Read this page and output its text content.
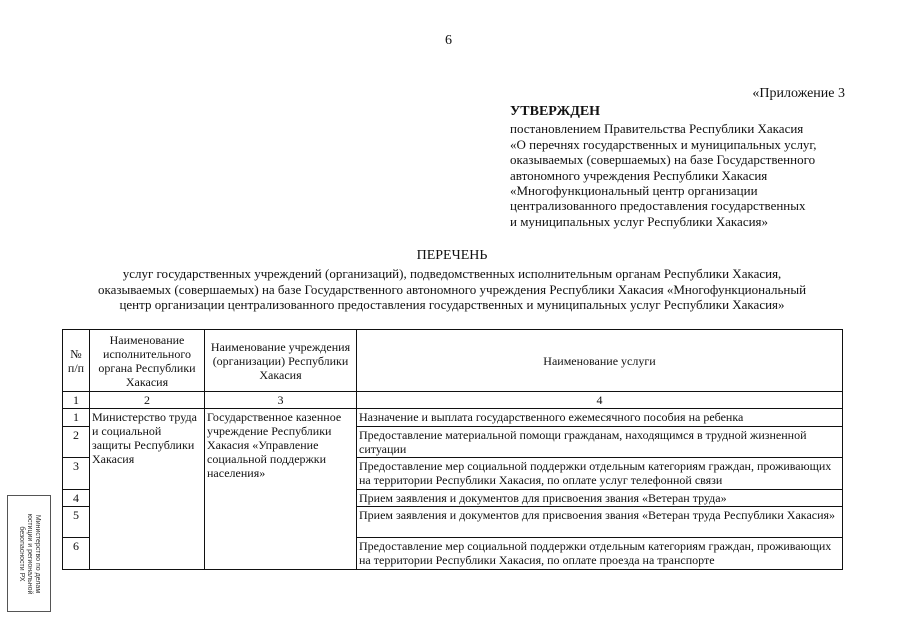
6
«Приложение 3
УТВЕРЖДЕН
постановлением Правительства Республики Хакасия
«О перечнях государственных и муниципальных услуг,
оказываемых (совершаемых) на базе Государственного
автономного учреждения Республики Хакасия
«Многофункциональный центр организации
централизованного предоставления государственных
и муниципальных услуг Республики Хакасия»
ПЕРЕЧЕНЬ
услуг государственных учреждений (организаций), подведомственных исполнительным органам Республики Хакасия,
оказываемых (совершаемых) на базе Государственного автономного учреждения Республики Хакасия «Многофункциональный
центр организации централизованного предоставления государственных и муниципальных услуг Республики Хакасия»
№ п/п	Наименование исполнительного органа Республики Хакасия	Наименование учреждения (организации) Республики Хакасия	Наименование услуги
1	2	3	4
1	Министерство труда и социальной защиты Республики Хакасия	Государственное казенное учреждение Республики Хакасия «Управление социальной поддержки населения»	Назначение и выплата государственного ежемесячного пособия на ребенка
2			Предоставление материальной помощи гражданам, находящимся в трудной жизненной ситуации
3			Предоставление мер социальной поддержки отдельным категориям граждан, проживающих на территории Республики Хакасия, по оплате услуг телефонной связи
4			Прием заявления и документов для присвоения звания «Ветеран труда»
5			Прием заявления и документов для присвоения звания «Ветеран труда Республики Хакасия»
6			Предоставление мер социальной поддержки отдельным категориям граждан, проживающих на территории Республики Хакасия, по оплате проезда на транспорте
Министерство по делам
юстиции и региональной
безопасности РХ
